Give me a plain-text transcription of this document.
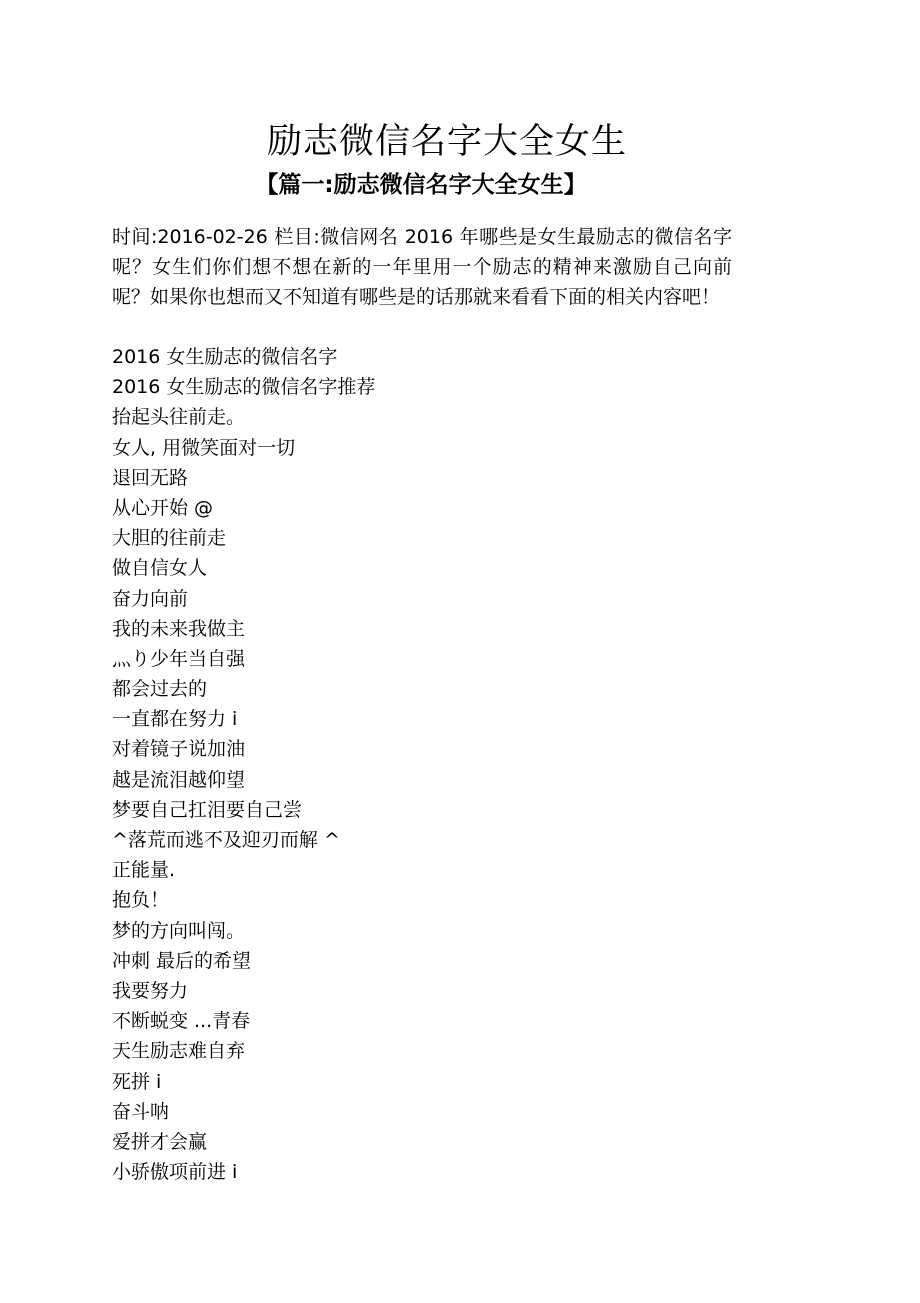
励志微信名字大全女生
【篇一:励志微信名字大全女生】

时间:2016-02-26 栏目:微信网名 2016 年哪些是女生最励志的微信名字呢？女生们你们想不想在新的一年里用一个励志的精神来激励自己向前呢？如果你也想而又不知道有哪些是的话那就来看看下面的相关内容吧！

2016 女生励志的微信名字
2016 女生励志的微信名字推荐
抬起头往前走。
女人, 用微笑面对一切
退回无路
从心开始 @
大胆的往前走
做自信女人
奋力向前
我的未来我做主
灬り少年当自强
都会过去的
一直都在努力 i
对着镜子说加油
越是流泪越仰望
梦要自己扛泪要自己尝
^落荒而逃不及迎刃而解 ^
正能量.
抱负！
梦的方向叫闯。
冲刺 最后的希望
我要努力
不断蜕变 ...青春
天生励志难自弃
死拼 i
奋斗呐
爱拼才会赢
小骄傲项前进 i
